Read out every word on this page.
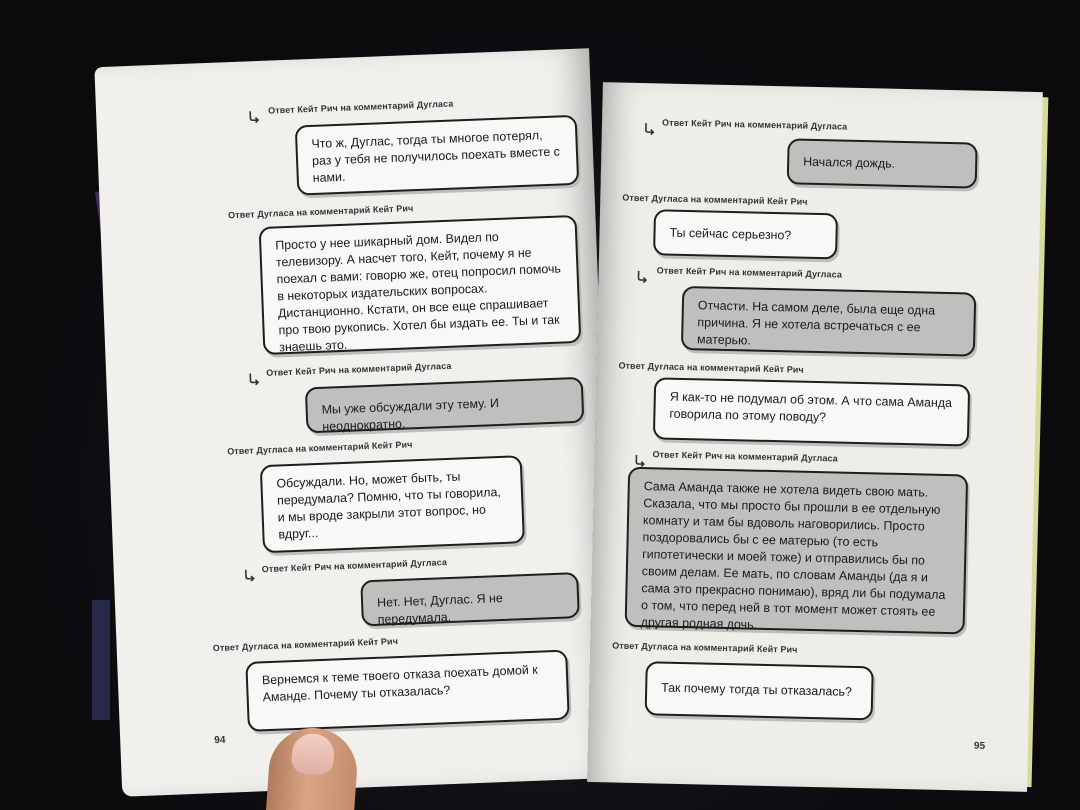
Ответ Кейт Рич на комментарий Дугласа
Что ж, Дуглас, тогда ты многое потерял, раз у тебя не получилось поехать вместе с нами.
Ответ Дугласа на комментарий Кейт Рич
Просто у нее шикарный дом. Видел по телевизору. А насчет того, Кейт, почему я не поехал с вами: говорю же, отец попросил помочь в некоторых издательских вопросах. Дистанционно. Кстати, он все еще спрашивает про твою рукопись. Хотел бы издать ее. Ты и так знаешь это.
Ответ Кейт Рич на комментарий Дугласа
Мы уже обсуждали эту тему. И неоднократно.
Ответ Дугласа на комментарий Кейт Рич
Обсуждали. Но, может быть, ты передумала? Помню, что ты говорила, и мы вроде закрыли этот вопрос, но вдруг...
Ответ Кейт Рич на комментарий Дугласа
Нет. Нет, Дуглас. Я не передумала.
Ответ Дугласа на комментарий Кейт Рич
Вернемся к теме твоего отказа поехать домой к Аманде. Почему ты отказалась?
94
Ответ Кейт Рич на комментарий Дугласа
Начался дождь.
Ответ Дугласа на комментарий Кейт Рич
Ты сейчас серьезно?
Ответ Кейт Рич на комментарий Дугласа
Отчасти. На самом деле, была еще одна причина. Я не хотела встречаться с ее матерью.
Ответ Дугласа на комментарий Кейт Рич
Я как-то не подумал об этом. А что сама Аманда говорила по этому поводу?
Ответ Кейт Рич на комментарий Дугласа
Сама Аманда также не хотела видеть свою мать. Сказала, что мы просто бы прошли в ее отдельную комнату и там бы вдоволь наговорились. Просто поздоровались бы с ее матерью (то есть гипотетически и моей тоже) и отправились бы по своим делам. Ее мать, по словам Аманды (да я и сама это прекрасно понимаю), вряд ли бы подумала о том, что перед ней в тот момент может стоять ее другая родная дочь.
Ответ Дугласа на комментарий Кейт Рич
Так почему тогда ты отказалась?
95
